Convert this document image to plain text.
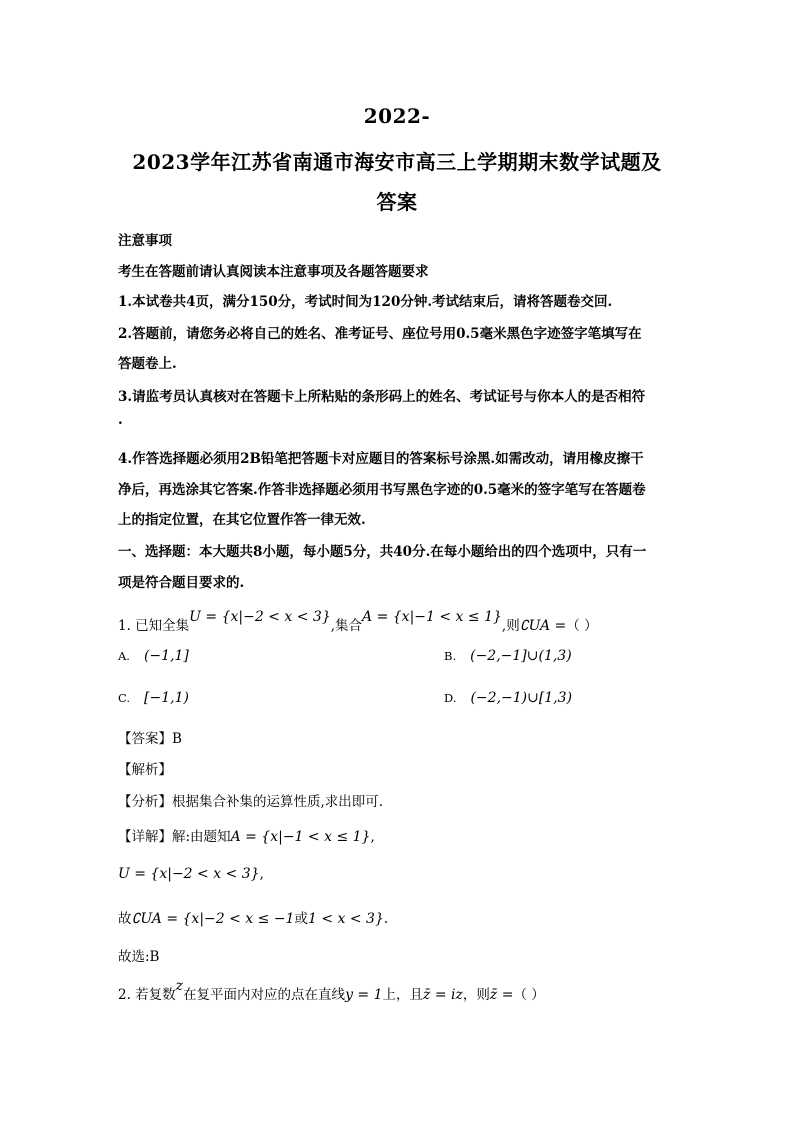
2022-
2023学年江苏省南通市海安市高三上学期期末数学试题及
答案
注意事项
考生在答题前请认真阅读本注意事项及各题答题要求
1.本试卷共4页，满分150分，考试时间为120分钟.考试结束后，请将答题卷交回.
2.答题前，请您务必将自己的姓名、准考证号、座位号用0.5毫米黑色字迹签字笔填写在
答题卷上.
3.请监考员认真核对在答题卡上所粘贴的条形码上的姓名、考试证号与你本人的是否相符
.
4.作答选择题必须用2B铅笔把答题卡对应题目的答案标号涂黑.如需改动，请用橡皮擦干
净后，再选涂其它答案.作答非选择题必须用书写黑色字迹的0.5毫米的签字笔写在答题卷
上的指定位置，在其它位置作答一律无效.
一、选择题：本大题共8小题，每小题5分，共40分.在每小题给出的四个选项中，只有一
项是符合题目要求的.
1. 已知全集U = {x|−2 < x < 3},集合A = {x|−1 < x ≤ 1},则∁UA =（ ）
A. (−1,1]	B. (−2,−1]∪(1,3)
C. [−1,1)	D. (−2,−1)∪[1,3)
【答案】B
【解析】
【分析】根据集合补集的运算性质,求出即可.
【详解】解:由题知A = {x|−1 < x ≤ 1},
U = {x|−2 < x < 3},
故∁UA = {x|−2 < x ≤ −1或1 < x < 3}.
故选:B
2. 若复数z在复平面内对应的点在直线y = 1上，且z̄ = iz，则z̄ =（ ）
